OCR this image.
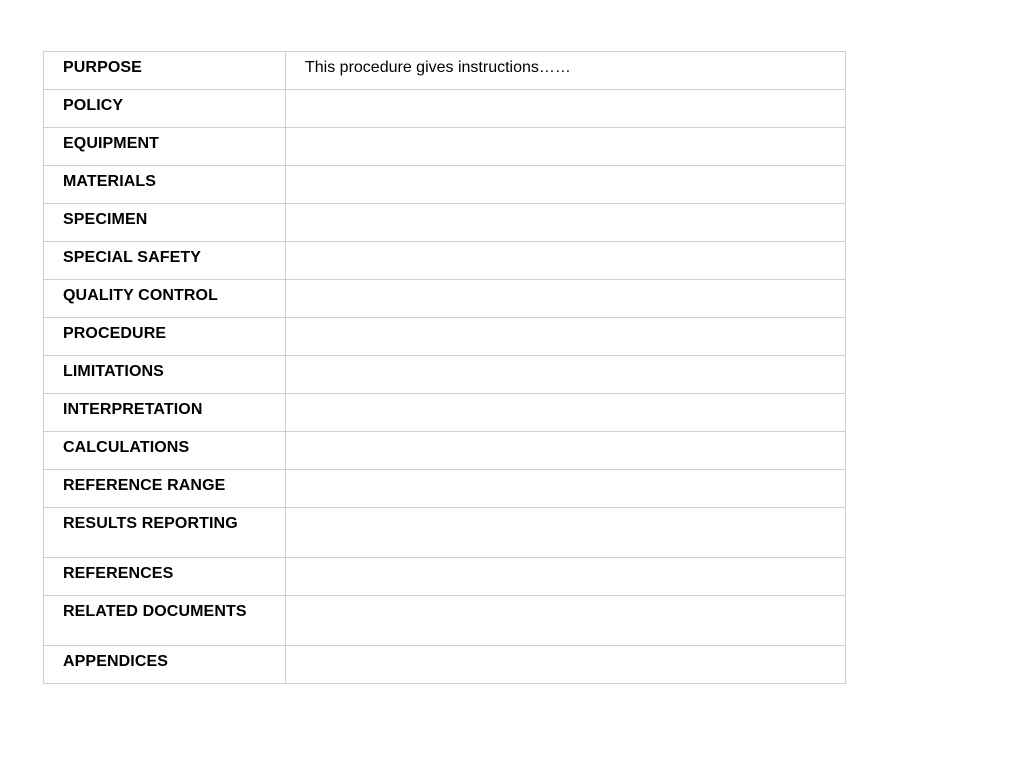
PURPOSE	This procedure gives instructions……
POLICY	
EQUIPMENT	
MATERIALS	
SPECIMEN	
SPECIAL SAFETY	
QUALITY CONTROL	
PROCEDURE	
LIMITATIONS	
INTERPRETATION	
CALCULATIONS	
REFERENCE RANGE	
RESULTS REPORTING	
REFERENCES	
RELATED DOCUMENTS	
APPENDICES	
